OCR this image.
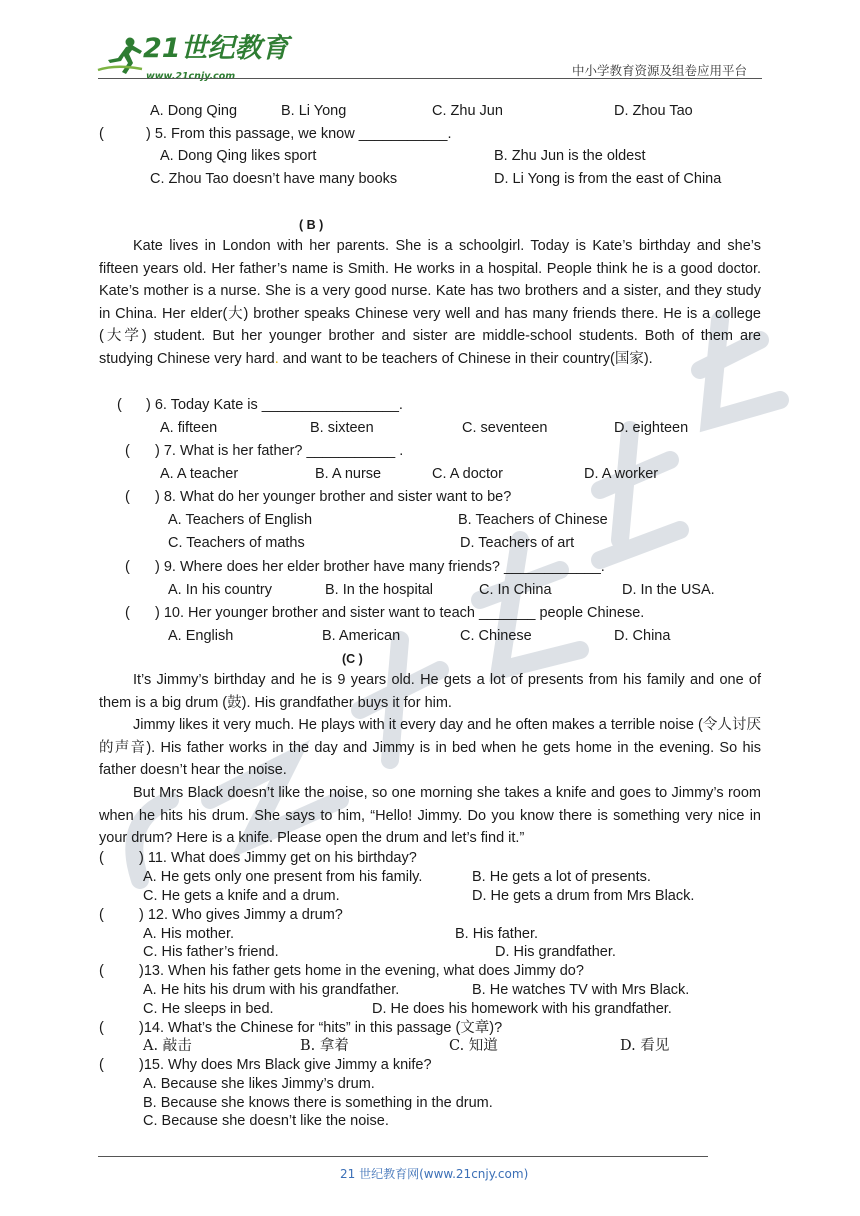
21世纪教育
www.21cnjy.com	中小学教育资源及组卷应用平台
A. Dong Qing	B. Li Yong	C. Zhu Jun	D. Zhou Tao
(	) 5. From this passage, we know ___________.
A. Dong Qing likes sport	B. Zhu Jun is the oldest
C. Zhou Tao doesn’t have many books	D. Li Yong is from the east of China
( B )
Kate lives in London with her parents. She is a schoolgirl. Today is Kate’s birthday and she’s fifteen years old. Her father’s name is Smith. He works in a hospital. People think he is a good doctor. Kate’s mother is a nurse. She is a very good nurse. Kate has two brothers and a sister, and they study in China. Her elder(大) brother speaks Chinese very well and has many friends there. He is a college (大学) student. But her younger brother and sister are middle-school students. Both of them are studying Chinese very hard. and want to be teachers of Chinese in their country(国家).
( ) 6. Today Kate is _________________.
A. fifteen	B. sixteen	C. seventeen	D. eighteen
( ) 7. What is her father? ___________ .
A. A teacher	B. A nurse	C. A doctor	D. A worker
( ) 8. What do her younger brother and sister want to be?
A. Teachers of English	B. Teachers of Chinese
C. Teachers of maths	D. Teachers of art
( ) 9. Where does her elder brother have many friends? ____________.
A. In his country	B. In the hospital	C. In China	D. In the USA.
( ) 10. Her younger brother and sister want to teach _______ people Chinese.
A. English	B. American	C. Chinese	D. China
(C )
It’s Jimmy’s birthday and he is 9 years old. He gets a lot of presents from his family and one of them is a big drum (鼓). His grandfather buys it for him.
Jimmy likes it very much. He plays with it every day and he often makes a terrible noise (令人讨厌的声音). His father works in the day and Jimmy is in bed when he gets home in the evening. So his father doesn’t hear the noise.
But Mrs Black doesn’t like the noise, so one morning she takes a knife and goes to Jimmy’s room when he hits his drum. She says to him, “Hello! Jimmy. Do you know there is something very nice in your drum? Here is a knife. Please open the drum and let’s find it.”
( ) 11. What does Jimmy get on his birthday?
A. He gets only one present from his family.	B. He gets a lot of presents.
C. He gets a knife and a drum.	D. He gets a drum from Mrs Black.
( ) 12. Who gives Jimmy a drum?
A. His mother.	B. His father.
C. His father’s friend.	D. His grandfather.
( )13. When his father gets home in the evening, what does Jimmy do?
A. He hits his drum with his grandfather.	B. He watches TV with Mrs Black.
C. He sleeps in bed.	D. He does his homework with his grandfather.
( )14. What’s the Chinese for “hits” in this passage (文章)?
A. 敲击	B. 拿着	C. 知道	D. 看见
( )15. Why does Mrs Black give Jimmy a knife?
A. Because she likes Jimmy’s drum.
B. Because she knows there is something in the drum.
C. Because she doesn’t like the noise.
21 世纪教育网(www.21cnjy.com)
